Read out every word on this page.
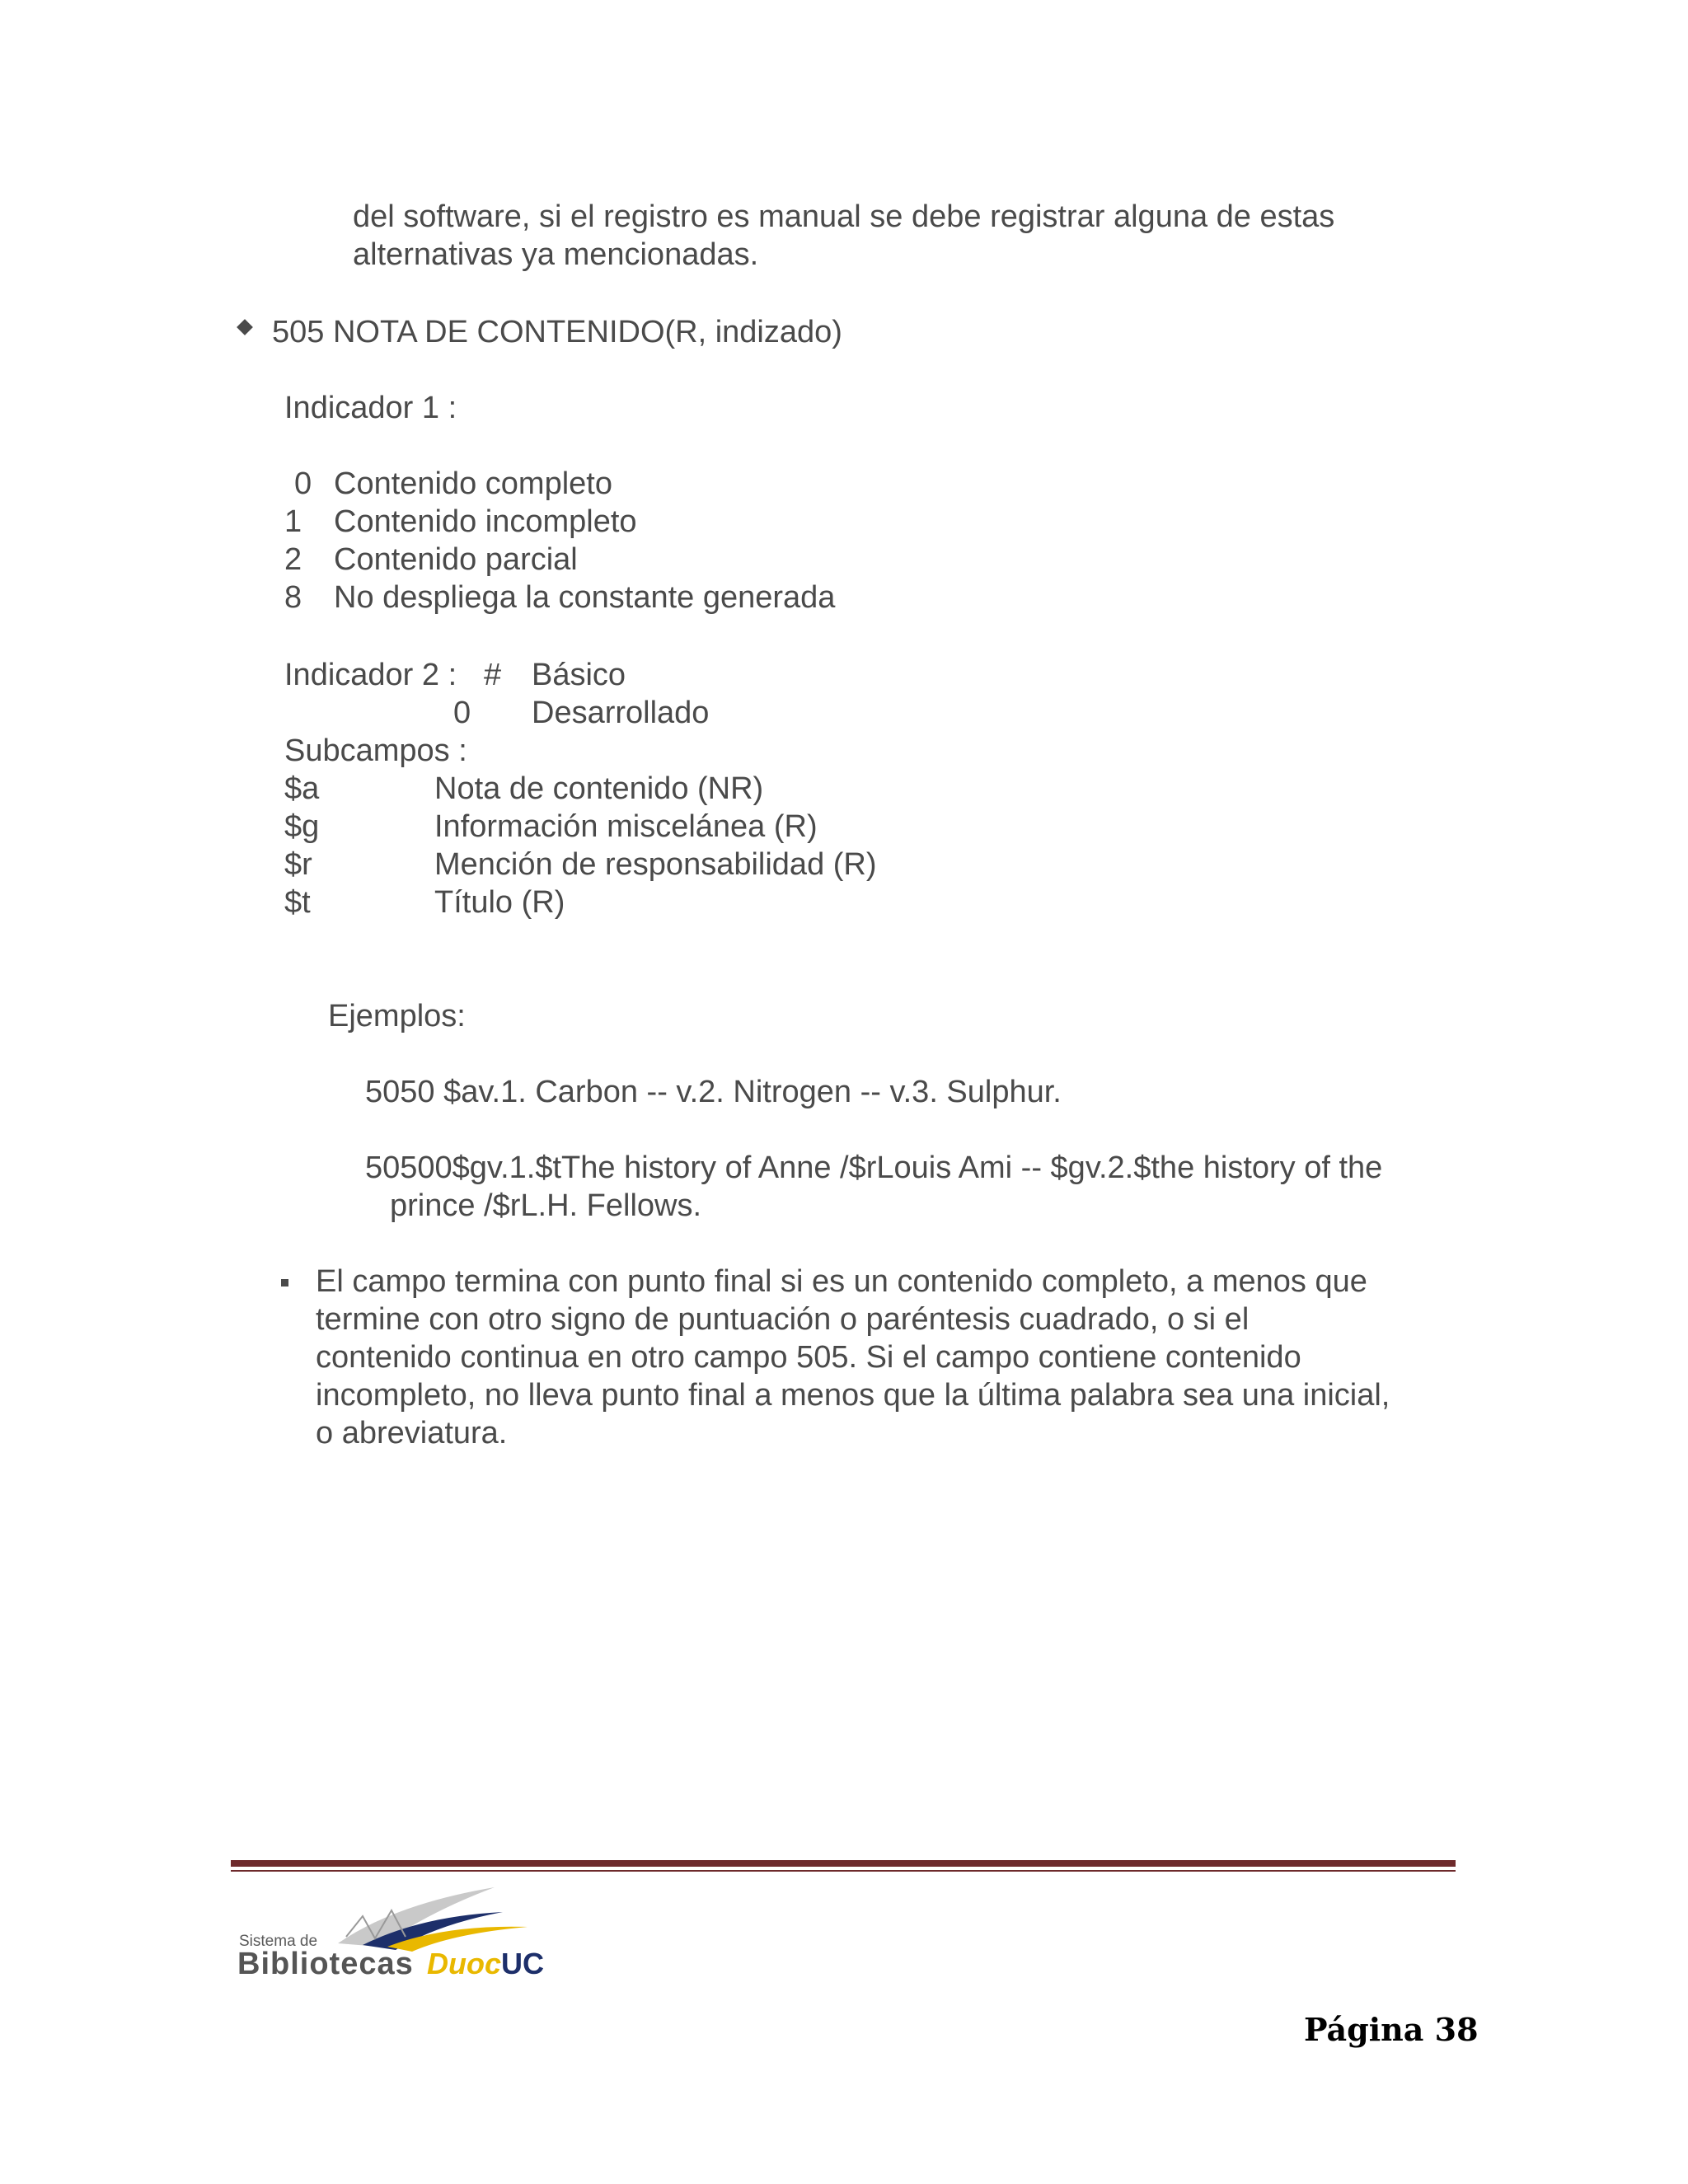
del software, si el registro es manual se debe registrar alguna de estas
alternativas ya mencionadas.
505 NOTA DE CONTENIDO(R, indizado)
Indicador 1 :
0 Contenido completo
1	Contenido incompleto
2	Contenido parcial
8	No despliega la constante generada
Indicador 2 : # Básico
0 Desarrollado
Subcampos :
$a	Nota de contenido (NR)
$g	Información miscelánea (R)
$r	Mención de responsabilidad (R)
$t	Título (R)
Ejemplos:
5050 $av.1. Carbon -- v.2. Nitrogen -- v.3. Sulphur.
50500$gv.1.$tThe history of Anne /$rLouis Ami -- $gv.2.$the history of the
prince /$rL.H. Fellows.

El campo termina con punto final si es un contenido completo, a menos que

termine con otro signo de puntuación o paréntesis cuadrado, o si el

contenido continua en otro campo 505. Si el campo contiene contenido

incompleto, no lleva punto final a menos que la última palabra sea una inicial,

o abreviatura.

Sistema de
Bibliotecas DuocUC
Página 38
